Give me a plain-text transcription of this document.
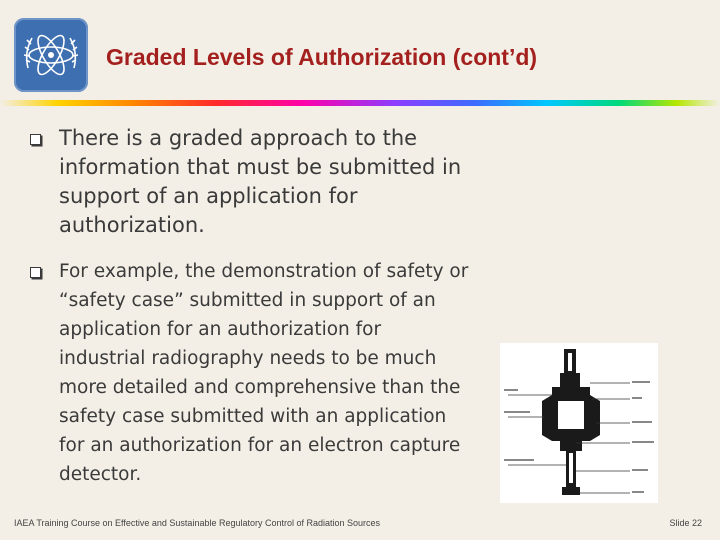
Graded Levels of Authorization (cont’d)
There is a graded approach to the information that must be submitted in support of an application for authorization.
For example, the demonstration of safety or “safety case” submitted in support of an application for an authorization for industrial radiography needs to be much more detailed and comprehensive than the safety case submitted with an application for an authorization for an electron capture detector.
IAEA Training Course on Effective and Sustainable Regulatory Control of Radiation Sources	Slide 22
